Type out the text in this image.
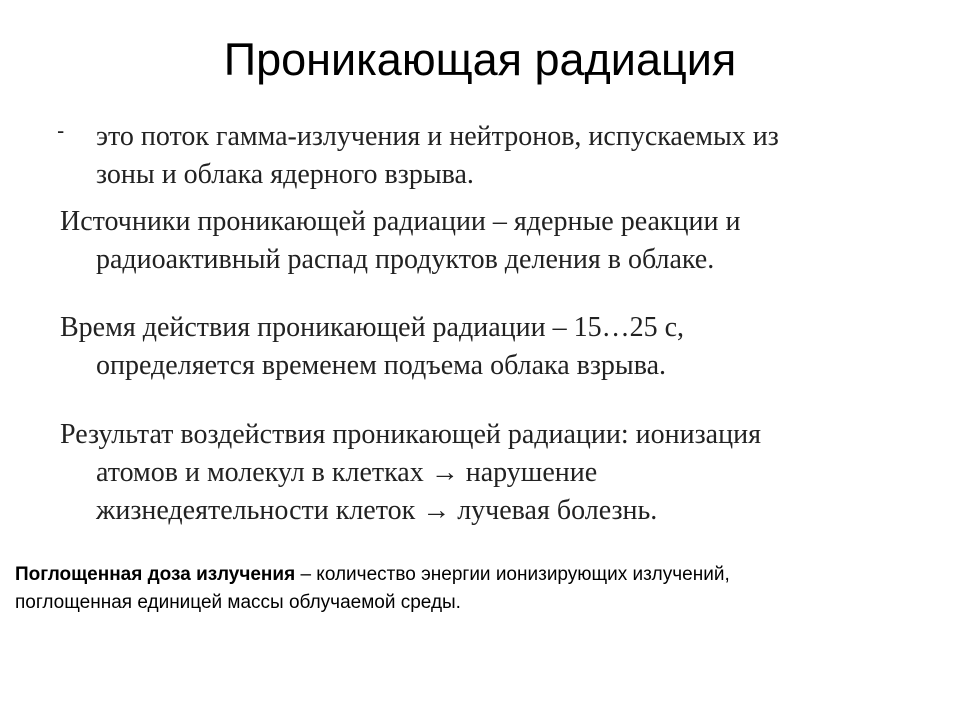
Проникающая радиация
-	это поток гамма-излучения и нейтронов, испускаемых из
зоны и облака ядерного взрыва.
Источники проникающей радиации – ядерные реакции и
радиоактивный распад продуктов деления в облаке.
Время действия проникающей радиации – 15…25 с,
определяется временем подъема облака взрыва.
Результат воздействия проникающей радиации: ионизация
атомов и молекул в клетках → нарушение
жизнедеятельности клеток → лучевая болезнь.
Поглощенная доза излучения – количество энергии ионизирующих излучений,
поглощенная единицей массы облучаемой среды.
